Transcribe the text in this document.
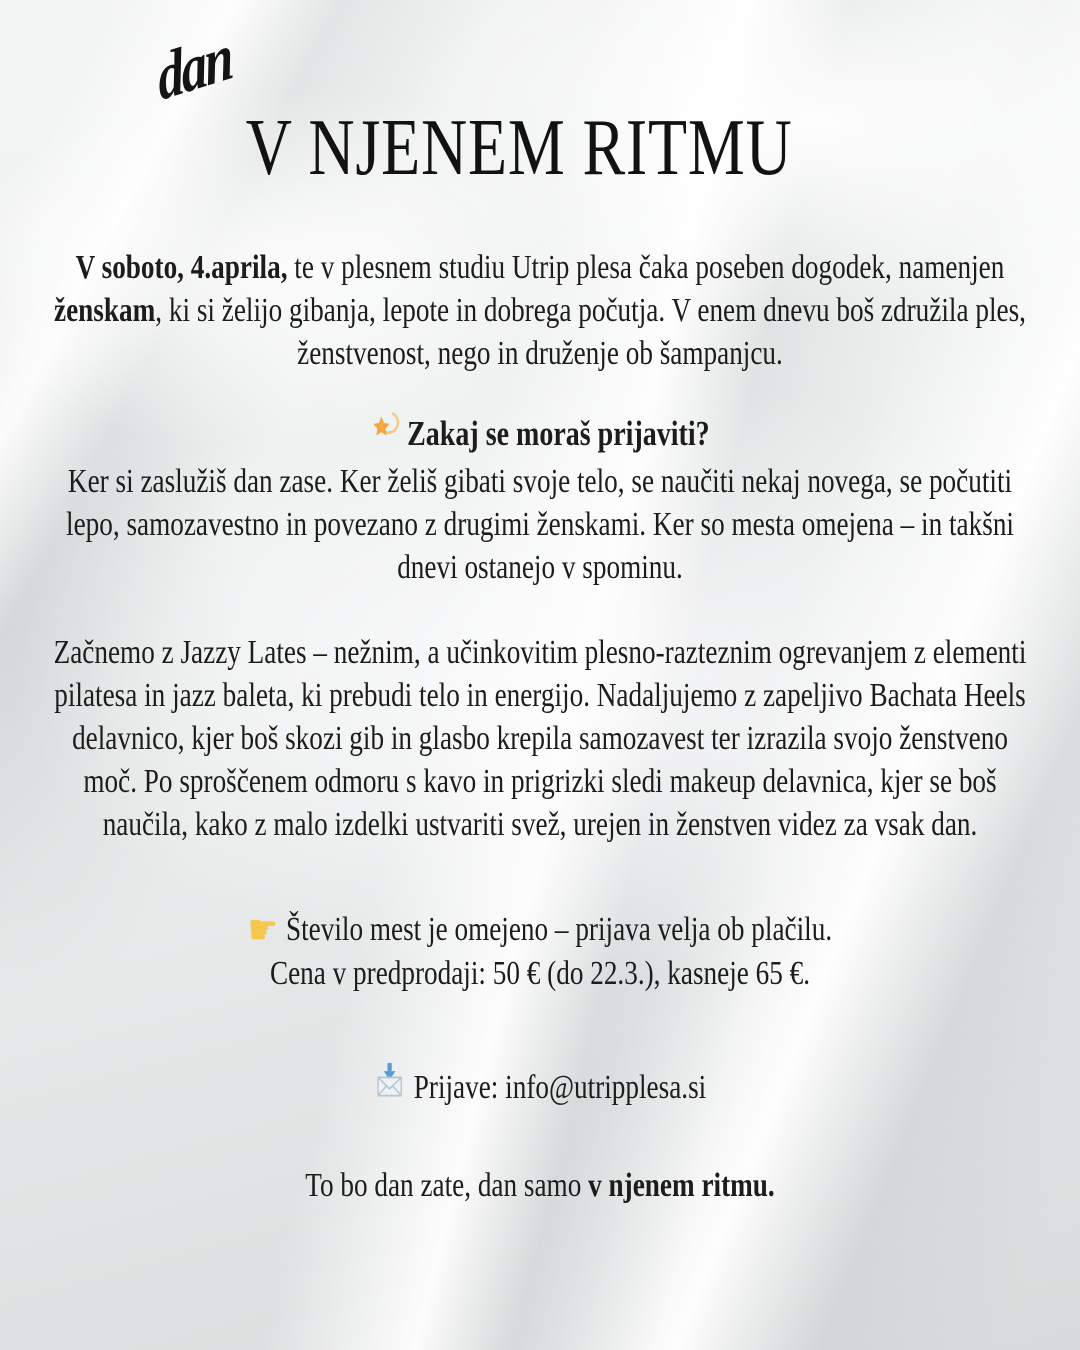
dan
V NJENEM RITMU

V soboto, 4.aprila, te v plesnem studiu Utrip plesa čaka poseben dogodek, namenjen ženskam, ki si želijo gibanja, lepote in dobrega počutja. V enem dnevu boš združila ples, ženstvenost, nego in druženje ob šampanjcu.

Zakaj se moraš prijaviti?

Ker si zaslužiš dan zase. Ker želiš gibati svoje telo, se naučiti nekaj novega, se počutiti lepo, samozavestno in povezano z drugimi ženskami. Ker so mesta omejena – in takšni dnevi ostanejo v spominu.

Začnemo z Jazzy Lates – nežnim, a učinkovitim plesno-razteznim ogrevanjem z elementi pilatesa in jazz baleta, ki prebudi telo in energijo. Nadaljujemo z zapeljivo Bachata Heels delavnico, kjer boš skozi gib in glasbo krepila samozavest ter izrazila svojo ženstveno moč. Po sproščenem odmoru s kavo in prigrizki sledi makeup delavnica, kjer se boš naučila, kako z malo izdelki ustvariti svež, urejen in ženstven videz za vsak dan.

☛ Število mest je omejeno – prijava velja ob plačilu.
Cena v predprodaji: 50 € (do 22.3.), kasneje 65 €.
Prijave: info@utripplesa.si

To bo dan zate, dan samo v njenem ritmu.
